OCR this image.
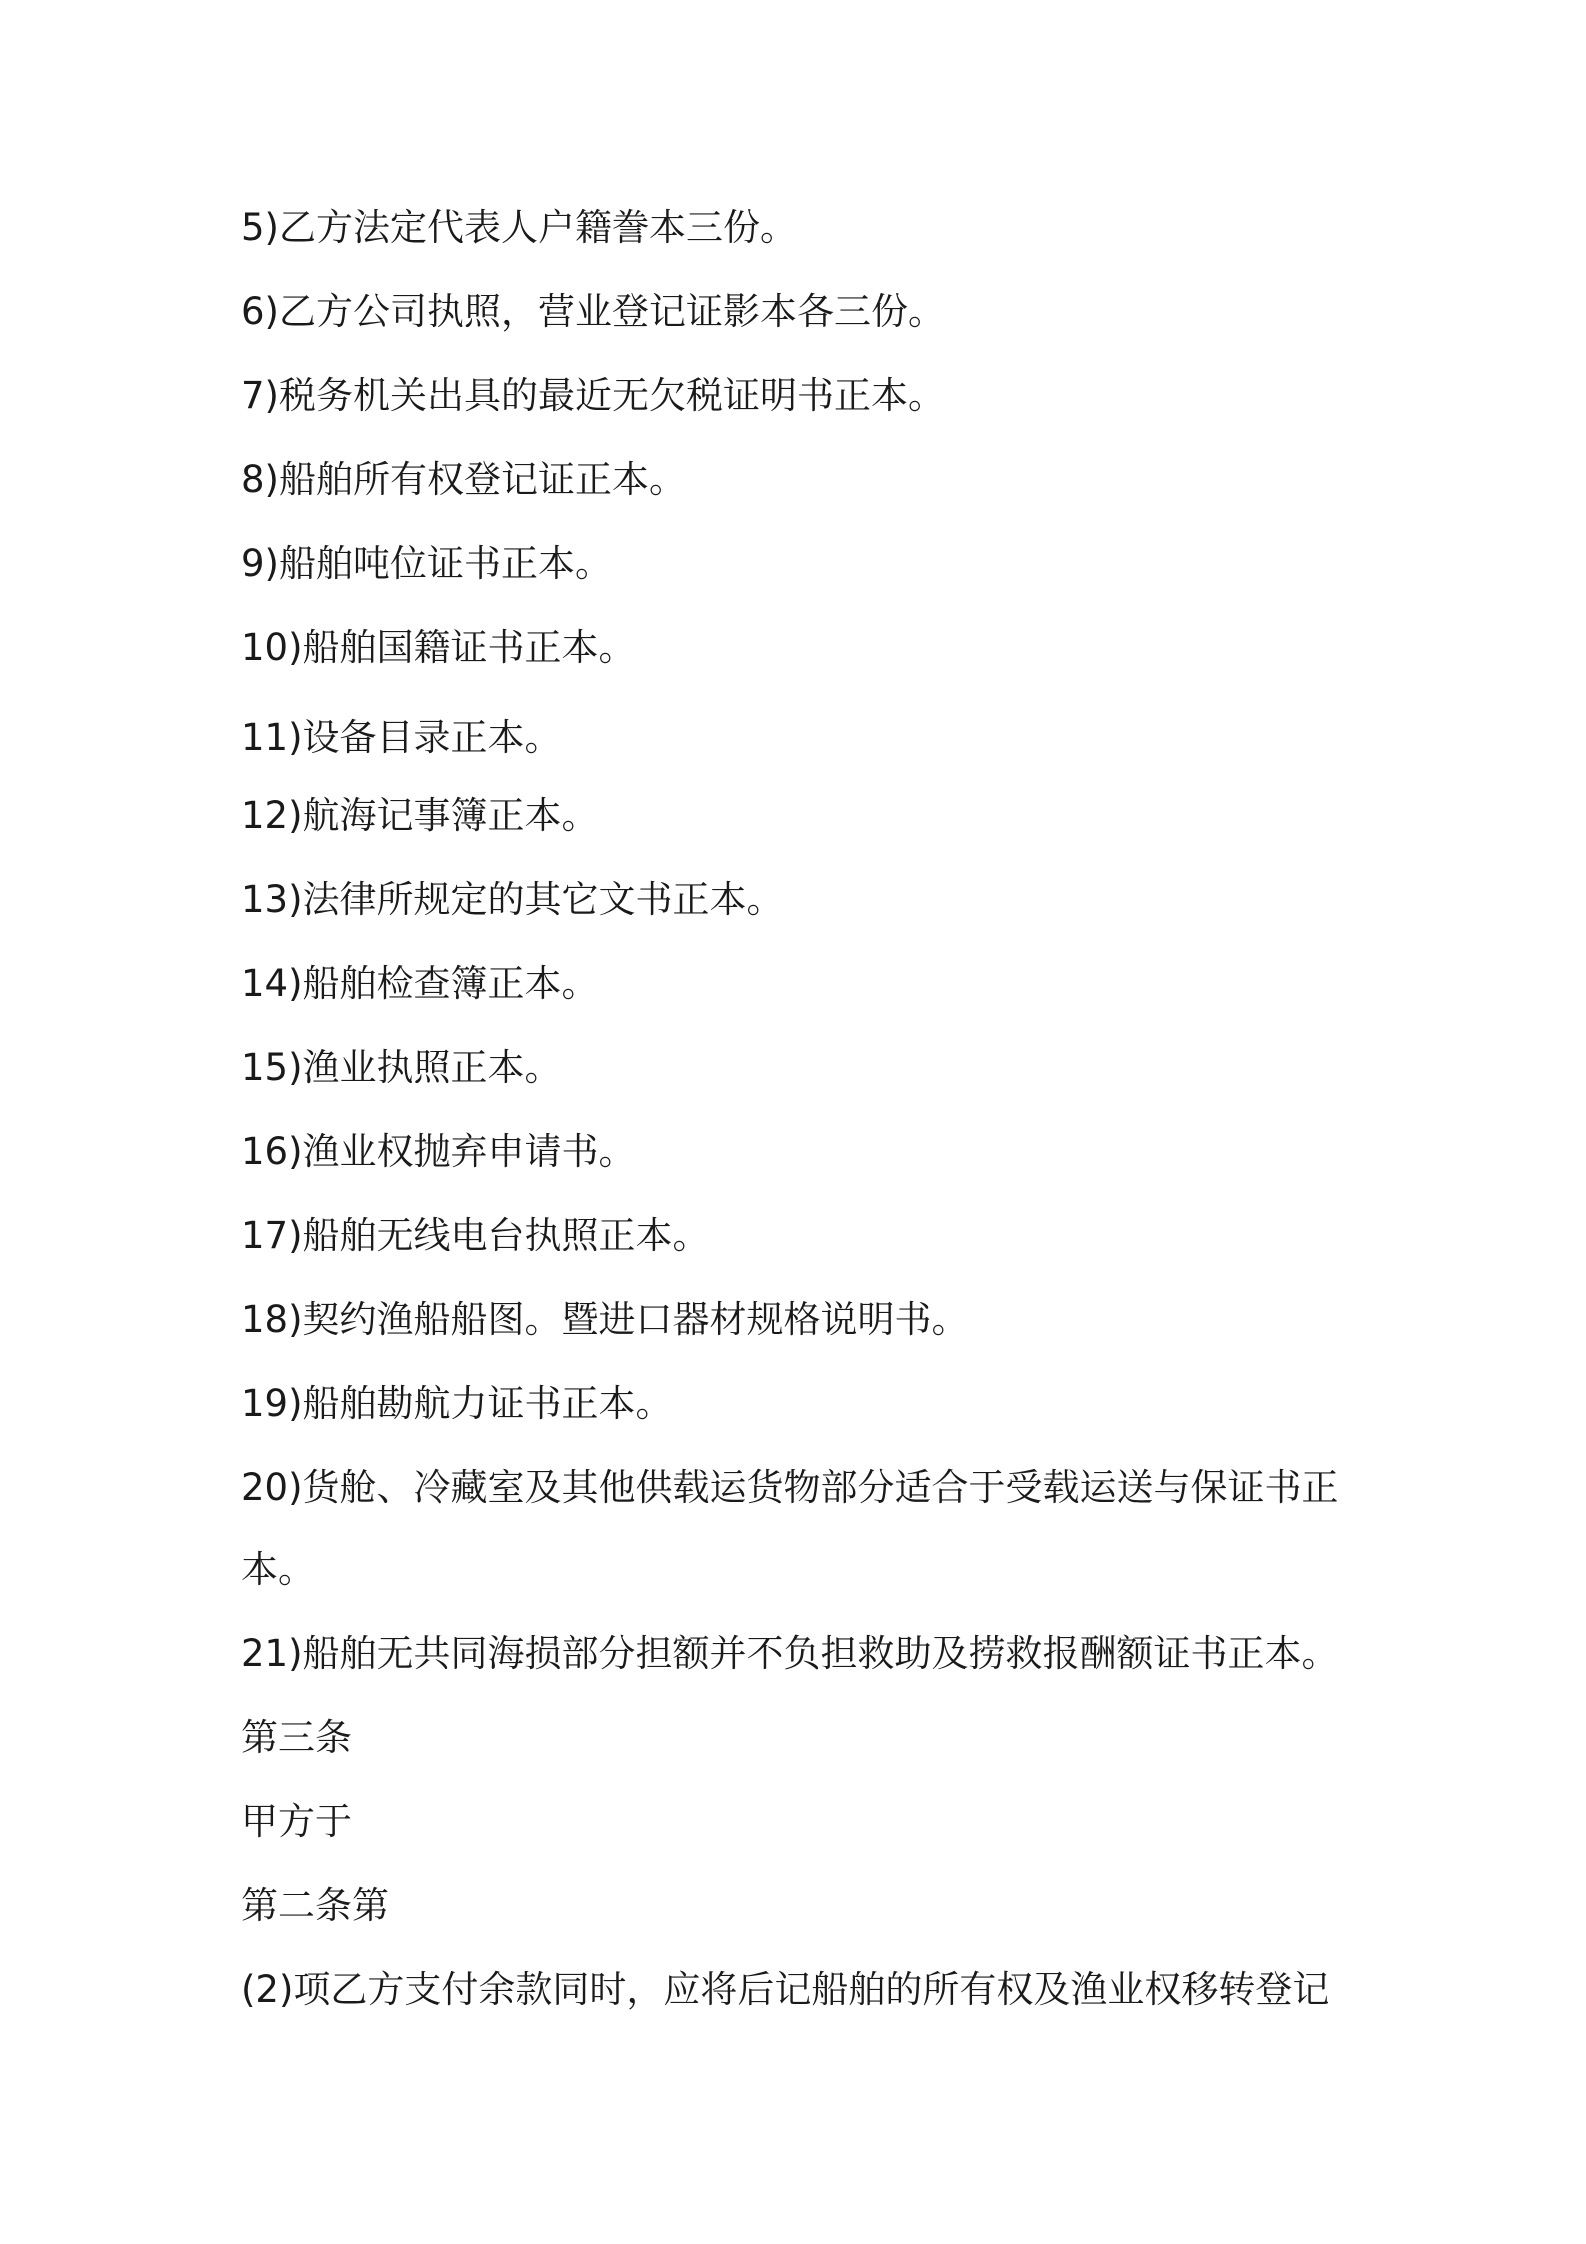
5)乙方法定代表人户籍誊本三份。

6)乙方公司执照，营业登记证影本各三份。

7)税务机关出具的最近无欠税证明书正本。

8)船舶所有权登记证正本。

9)船舶吨位证书正本。

10)船舶国籍证书正本。

11)设备目录正本。

12)航海记事簿正本。

13)法律所规定的其它文书正本。

14)船舶检查簿正本。

15)渔业执照正本。

16)渔业权抛弃申请书。

17)船舶无线电台执照正本。

18)契约渔船船图。暨进口器材规格说明书。

19)船舶勘航力证书正本。

20)货舱、冷藏室及其他供载运货物部分适合于受载运送与保证书正

本。

21)船舶无共同海损部分担额并不负担救助及捞救报酬额证书正本。

第三条

甲方于

第二条第

(2)项乙方支付余款同时，应将后记船舶的所有权及渔业权移转登记
